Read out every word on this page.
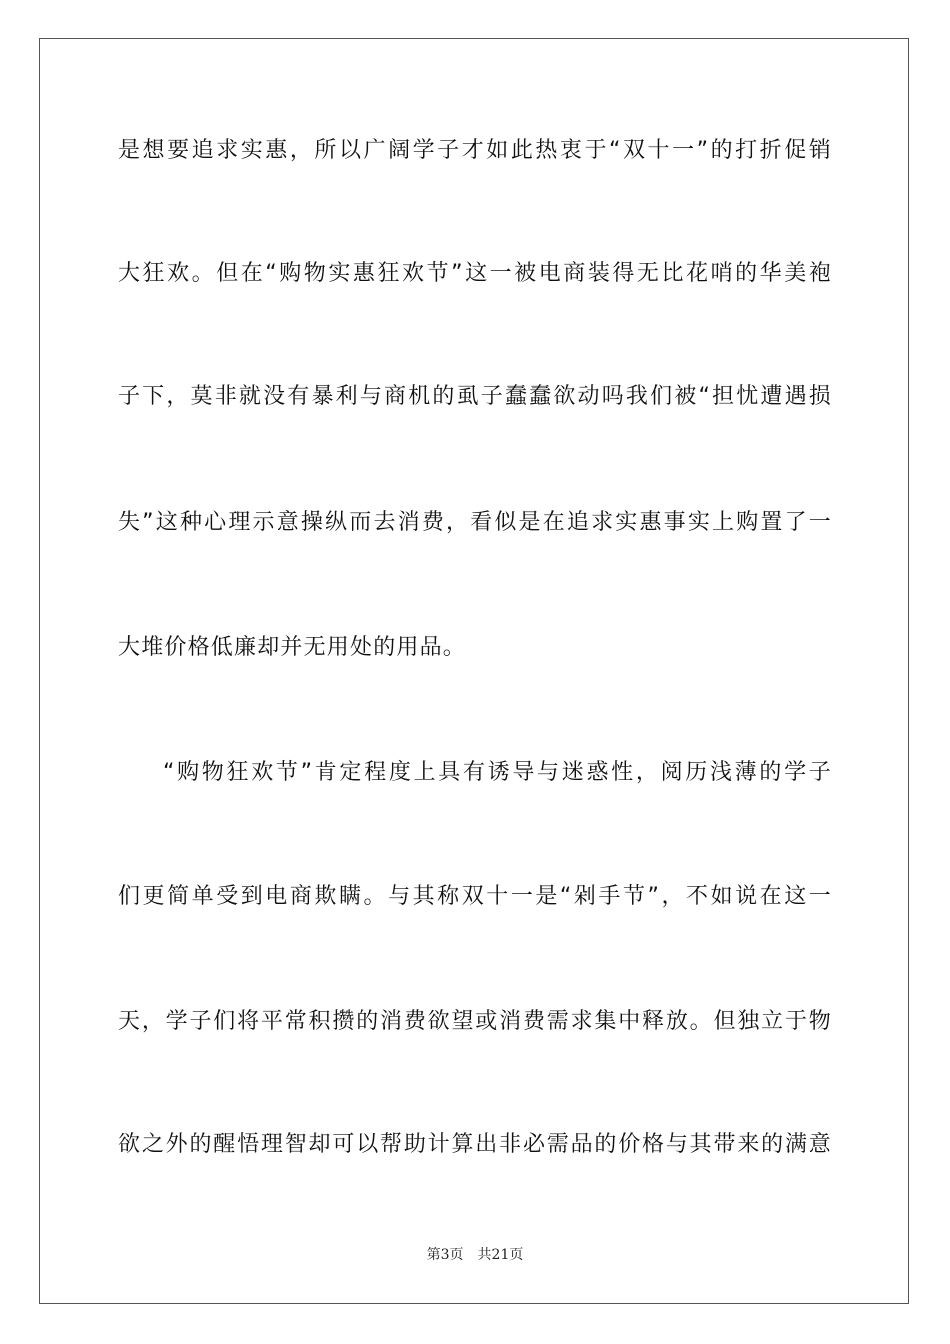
是想要追求实惠，所以广阔学子才如此热衷于“双十一”的打折促销
大狂欢。但在“购物实惠狂欢节”这一被电商装得无比花哨的华美袍
子下，莫非就没有暴利与商机的虱子蠢蠢欲动吗我们被“担忧遭遇损
失”这种心理示意操纵而去消费，看似是在追求实惠事实上购置了一
大堆价格低廉却并无用处的用品。
“购物狂欢节”肯定程度上具有诱导与迷惑性，阅历浅薄的学子
们更简单受到电商欺瞒。与其称双十一是“剁手节”，不如说在这一
天，学子们将平常积攒的消费欲望或消费需求集中释放。但独立于物
欲之外的醒悟理智却可以帮助计算出非必需品的价格与其带来的满意
第3页 共21页
